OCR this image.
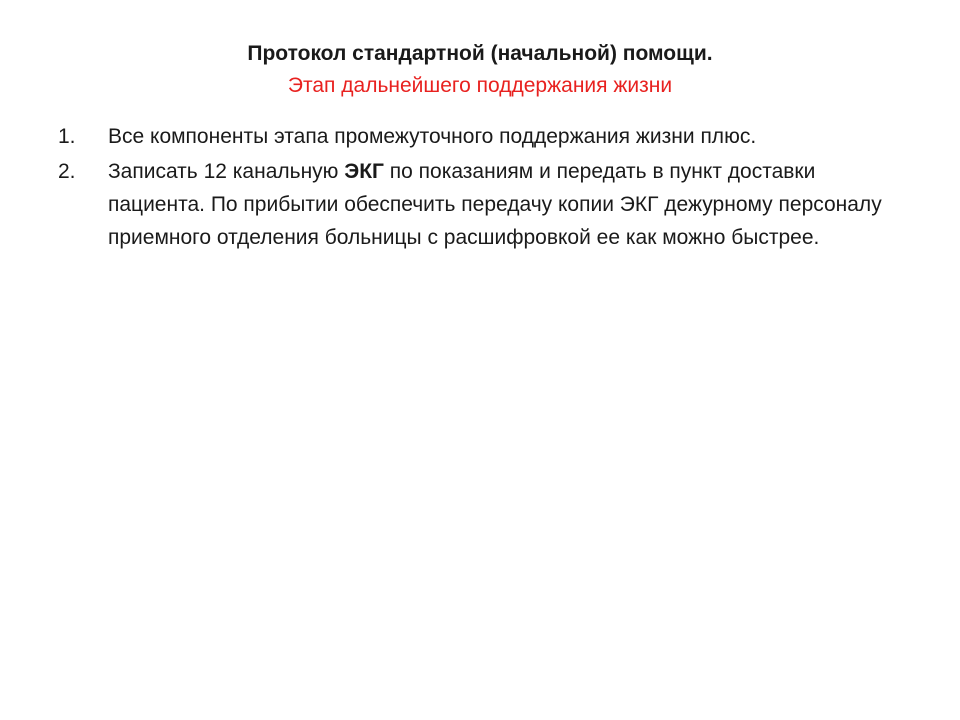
Протокол стандартной (начальной) помощи.

Этап дальнейшего поддержания жизни

1.	Все компоненты этапа промежуточного поддержания жизни плюс.
2.	Записать 12 канальную ЭКГ по показаниям и передать в пункт доставки пациента. По прибытии обеспечить передачу копии ЭКГ дежурному персоналу приемного отделения больницы с расшифровкой ее как можно быстрее.
